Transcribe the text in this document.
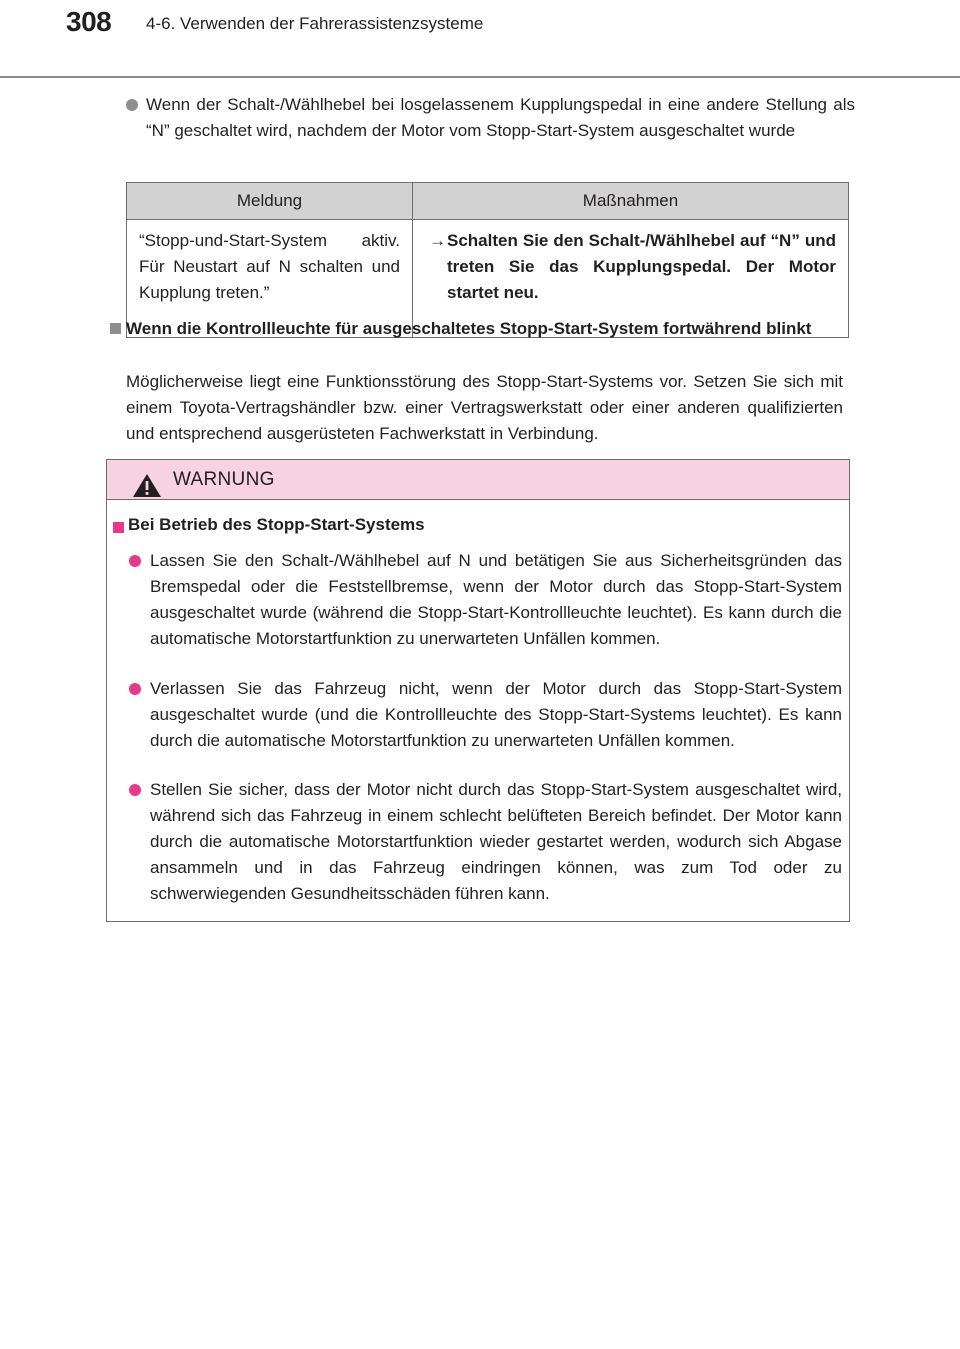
308 4-6. Verwenden der Fahrerassistenzsysteme
Wenn der Schalt-/Wählhebel bei losgelassenem Kupplungspedal in eine andere Stellung als “N” geschaltet wird, nachdem der Motor vom Stopp-Start-System ausgeschaltet wurde
Meldung	Maßnahmen
“Stopp-und-Start-System aktiv. Für Neustart auf N schalten und Kupplung treten.”	→ Schalten Sie den Schalt-/Wählhebel auf “N” und treten Sie das Kupplungspedal. Der Motor startet neu.
Wenn die Kontrollleuchte für ausgeschaltetes Stopp-Start-System fortwährend blinkt
Möglicherweise liegt eine Funktionsstörung des Stopp-Start-Systems vor. Setzen Sie sich mit einem Toyota-Vertragshändler bzw. einer Vertragswerkstatt oder einer anderen qualifizierten und entsprechend ausgerüsteten Fachwerkstatt in Verbindung.
WARNUNG
Bei Betrieb des Stopp-Start-Systems
Lassen Sie den Schalt-/Wählhebel auf N und betätigen Sie aus Sicherheitsgründen das Bremspedal oder die Feststellbremse, wenn der Motor durch das Stopp-Start-System ausgeschaltet wurde (während die Stopp-Start-Kontrollleuchte leuchtet). Es kann durch die automatische Motorstartfunktion zu unerwarteten Unfällen kommen.
Verlassen Sie das Fahrzeug nicht, wenn der Motor durch das Stopp-Start-System ausgeschaltet wurde (und die Kontrollleuchte des Stopp-Start-Systems leuchtet). Es kann durch die automatische Motorstartfunktion zu unerwarteten Unfällen kommen.
Stellen Sie sicher, dass der Motor nicht durch das Stopp-Start-System ausgeschaltet wird, während sich das Fahrzeug in einem schlecht belüfteten Bereich befindet. Der Motor kann durch die automatische Motorstartfunktion wieder gestartet werden, wodurch sich Abgase ansammeln und in das Fahrzeug eindringen können, was zum Tod oder zu schwerwiegenden Gesundheitsschäden führen kann.
